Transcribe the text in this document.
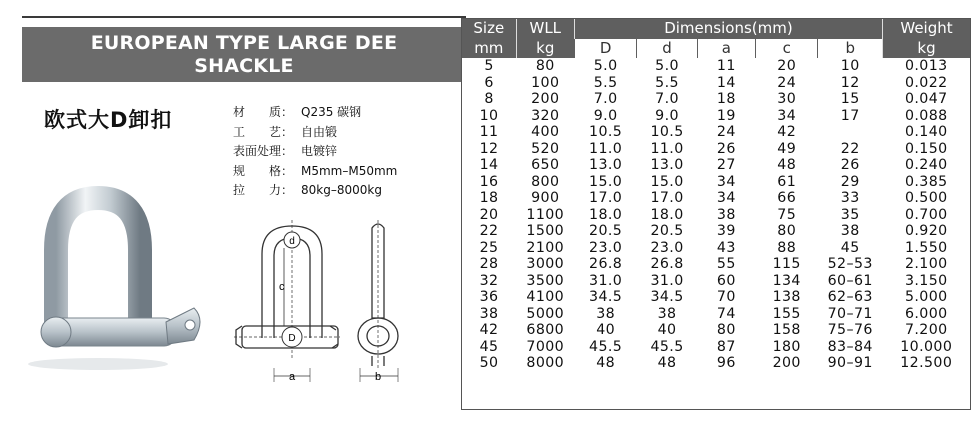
EUROPEAN TYPE LARGE DEE
SHACKLE
欧式大D卸扣	材　　质： Q235 碳钢
工　　艺： 自由锻
表面处理： 电镀锌
规　　格： M5mm–M50mm
拉　　力： 80kg–8000kg
d
D
c
a	b
Size	WLL	Dimensions(mm)					Weight
mm	kg	D	d	a	c	b	kg
5	80	5.0	5.0	11	20	10	0.013
6	100	5.5	5.5	14	24	12	0.022
8	200	7.0	7.0	18	30	15	0.047
10	320	9.0	9.0	19	34	17	0.088
11	400	10.5	10.5	24	42		0.140
12	520	11.0	11.0	26	49	22	0.150
14	650	13.0	13.0	27	48	26	0.240
16	800	15.0	15.0	34	61	29	0.385
18	900	17.0	17.0	34	66	33	0.500
20	1100	18.0	18.0	38	75	35	0.700
22	1500	20.5	20.5	39	80	38	0.920
25	2100	23.0	23.0	43	88	45	1.550
28	3000	26.8	26.8	55	115	52–53	2.100
32	3500	31.0	31.0	60	134	60–61	3.150
36	4100	34.5	34.5	70	138	62–63	5.000
38	5000	38	38	74	155	70–71	6.000
42	6800	40	40	80	158	75–76	7.200
45	7000	45.5	45.5	87	180	83–84	10.000
50	8000	48	48	96	200	90–91	12.500
